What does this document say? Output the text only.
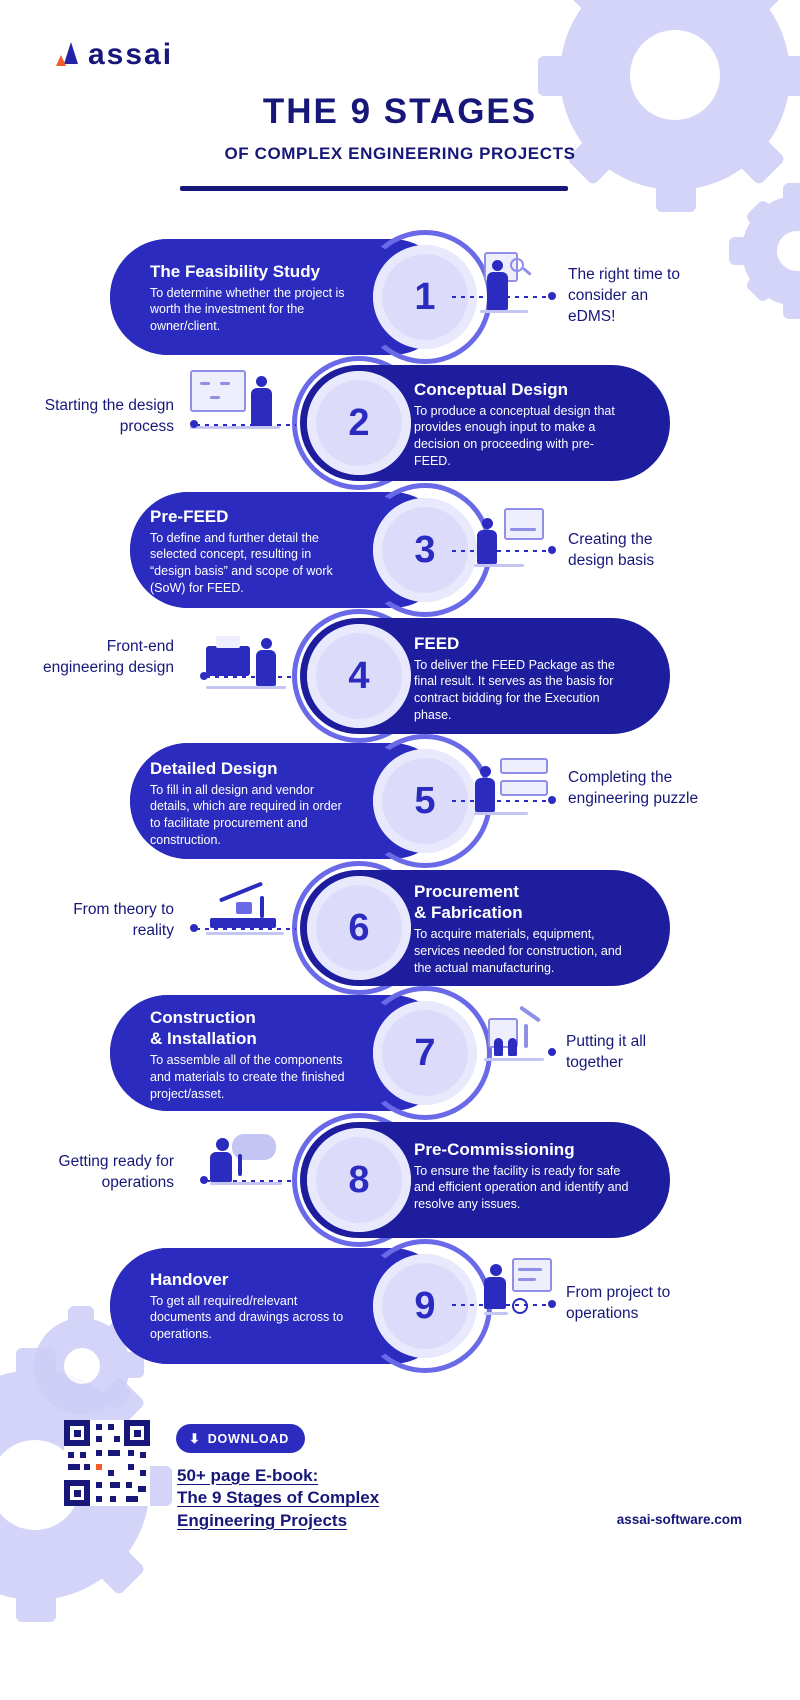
assai
THE 9 STAGES
OF COMPLEX ENGINEERING PROJECTS
1
The Feasibility Study

To determine whether the project is worth the investment for the owner/client.

The right time to consider an eDMS!
2
Conceptual Design

To produce a conceptual design that provides enough input to make a decision on proceeding with pre-FEED.

Starting the design process
3
Pre-FEED

To define and further detail the selected concept, resulting in “design basis” and scope of work (SoW) for FEED.

Creating the design basis
4
FEED

To deliver the FEED Package as the final result. It serves as the basis for contract bidding for the Execution phase.

Front-end engineering design
5
Detailed Design

To fill in all design and vendor details, which are required in order to facilitate procurement and construction.

Completing the engineering puzzle
6
Procurement
& Fabrication

To acquire materials, equipment, services needed for construction, and the actual manufacturing.

From theory to reality
7
Construction
& Installation

To assemble all of the components and materials to create the finished project/asset.

Putting it all together
8
Pre-Commissioning

To ensure the facility is ready for safe and efficient operation and identify and resolve any issues.

Getting ready for operations
9
Handover

To get all required/relevant documents and drawings across to operations.

From project to operations
⬇ DOWNLOAD
50+ page E-book:
The 9 Stages of Complex
Engineering Projects	assai-software.com
